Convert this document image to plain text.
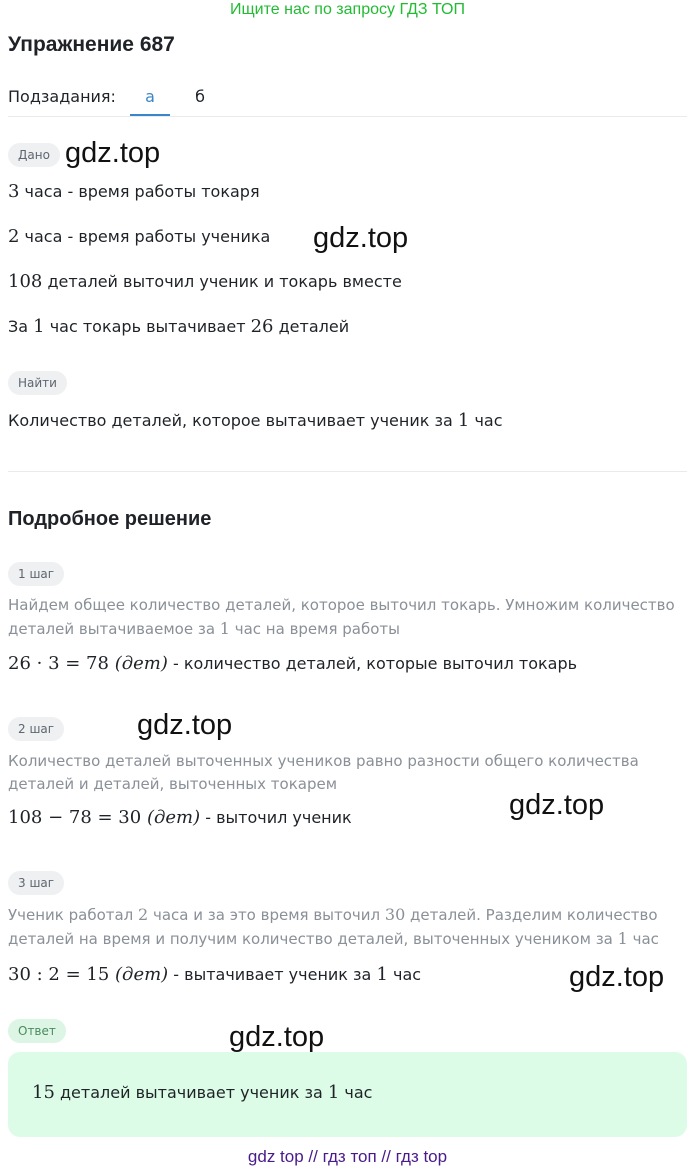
Ищите нас по запросу ГДЗ ТОП
Упражнение 687
Подзадания:	а	б
Дано
3 часа - время работы токаря
2 часа - время работы ученика
108 деталей выточил ученик и токарь вместе
За 1 час токарь вытачивает 26 деталей
Найти
Количество деталей, которое вытачивает ученик за 1 час
Подробное решение
1 шаг
Найдем общее количество деталей, которое выточил токарь. Умножим количество деталей вытачиваемое за 1 час на время работы
26 · 3 = 78 (дет) - количество деталей, которые выточил токарь
2 шаг
Количество деталей выточенных учеников равно разности общего количества деталей и деталей, выточенных токарем
108 − 78 = 30 (дет) - выточил ученик
3 шаг
Ученик работал 2 часа и за это время выточил 30 деталей. Разделим количество деталей на время и получим количество деталей, выточенных учеником за 1 час
30 : 2 = 15 (дет) - вытачивает ученик за 1 час
Ответ
15 деталей вытачивает ученик за 1 час
gdz.top
gdz.top
gdz.top
gdz.top
gdz.top
gdz.top
gdz top // гдз топ // гдз top
